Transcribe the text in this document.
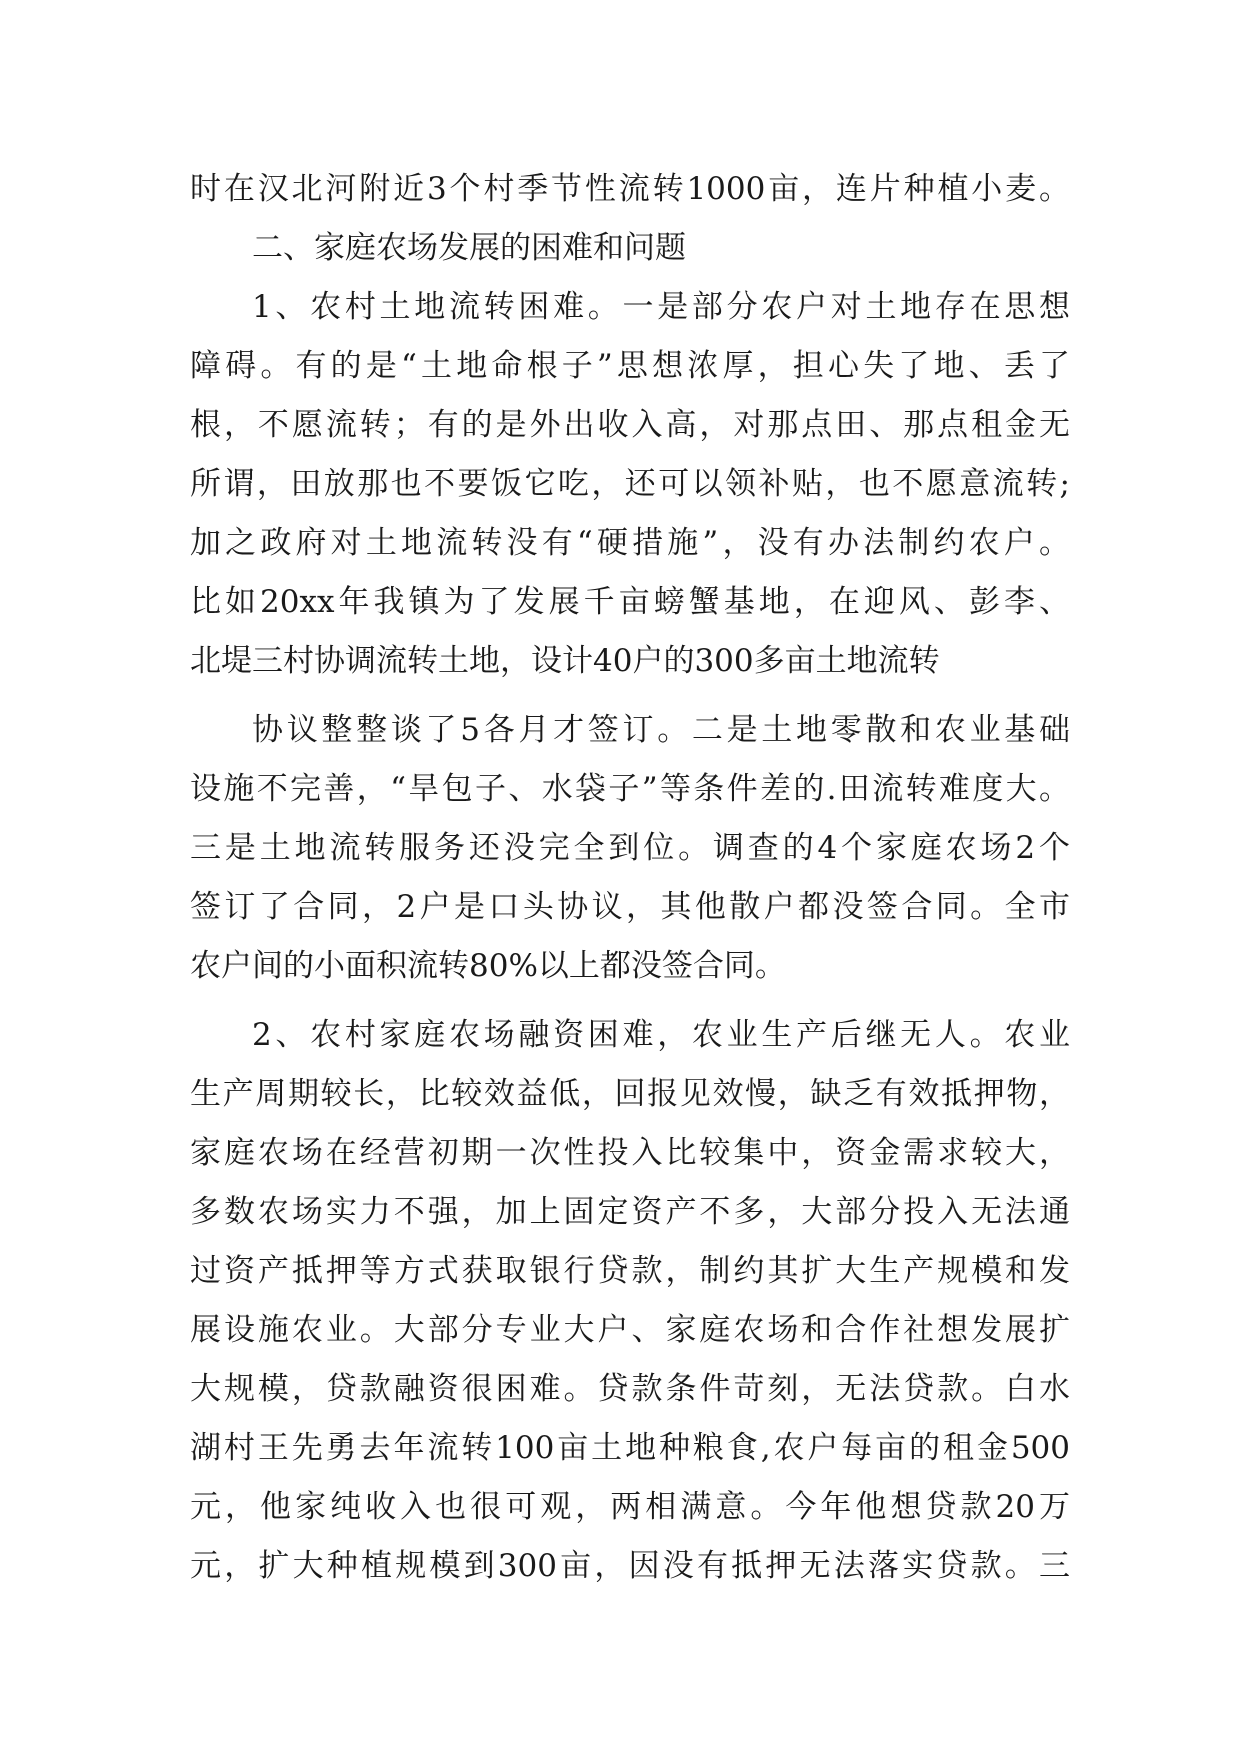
时在汉北河附近3个村季节性流转1000亩，连片种植小麦。
二、家庭农场发展的困难和问题
1、农村土地流转困难。一是部分农户对土地存在思想
障碍。有的是“土地命根子”思想浓厚，担心失了地、丢了
根，不愿流转；有的是外出收入高，对那点田、那点租金无
所谓，田放那也不要饭它吃，还可以领补贴，也不愿意流转;
加之政府对土地流转没有“硬措施”，没有办法制约农户。
比如20xx年我镇为了发展千亩螃蟹基地，在迎风、彭李、
北堤三村协调流转土地，设计40户的300多亩土地流转
协议整整谈了5各月才签订。二是土地零散和农业基础
设施不完善，“旱包子、水袋子”等条件差的.田流转难度大。
三是土地流转服务还没完全到位。调查的4个家庭农场2个
签订了合同，2户是口头协议，其他散户都没签合同。全市
农户间的小面积流转80%以上都没签合同。
2、农村家庭农场融资困难，农业生产后继无人。农业
生产周期较长，比较效益低，回报见效慢，缺乏有效抵押物，
家庭农场在经营初期一次性投入比较集中，资金需求较大，
多数农场实力不强，加上固定资产不多，大部分投入无法通
过资产抵押等方式获取银行贷款，制约其扩大生产规模和发
展设施农业。大部分专业大户、家庭农场和合作社想发展扩
大规模，贷款融资很困难。贷款条件苛刻，无法贷款。白水
湖村王先勇去年流转100亩土地种粮食,农户每亩的租金500
元，他家纯收入也很可观，两相满意。今年他想贷款20万
元，扩大种植规模到300亩，因没有抵押无法落实贷款。三
